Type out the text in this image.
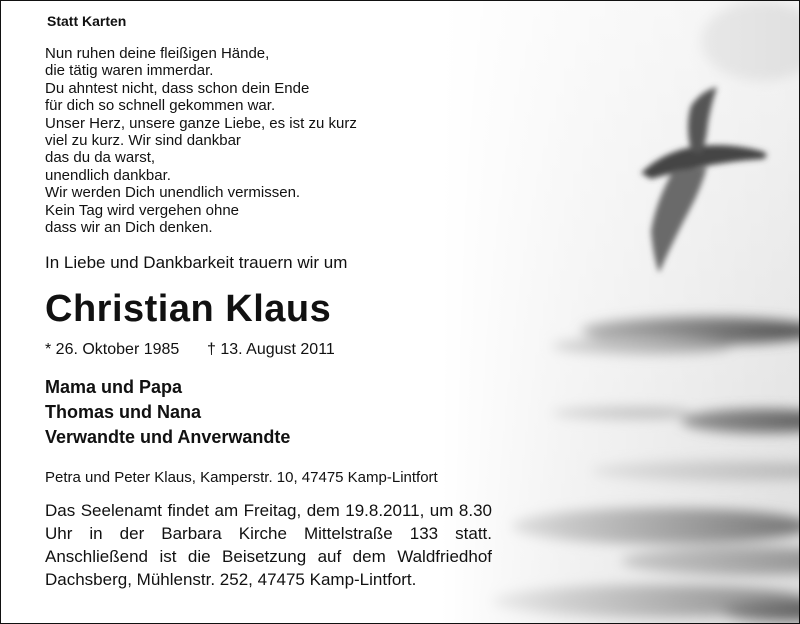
Statt Karten
Nun ruhen deine fleißigen Hände,
die tätig waren immerdar.
Du ahntest nicht, dass schon dein Ende
für dich so schnell gekommen war.
Unser Herz, unsere ganze Liebe, es ist zu kurz
viel zu kurz. Wir sind dankbar
das du da warst,
unendlich dankbar.
Wir werden Dich unendlich vermissen.
Kein Tag wird vergehen ohne
dass wir an Dich denken.
In Liebe und Dankbarkeit trauern wir um
Christian Klaus
* 26. Oktober 1985 † 13. August 2011
Mama und Papa
Thomas und Nana
Verwandte und Anverwandte
Petra und Peter Klaus, Kamperstr. 10, 47475 Kamp-Lintfort
Das Seelenamt findet am Freitag, dem 19.8.2011, um 8.30 Uhr in der Barbara Kirche Mittelstraße 133 statt. Anschließend ist die Beisetzung auf dem Waldfriedhof Dachsberg, Mühlenstr. 252, 47475 Kamp-Lintfort.
